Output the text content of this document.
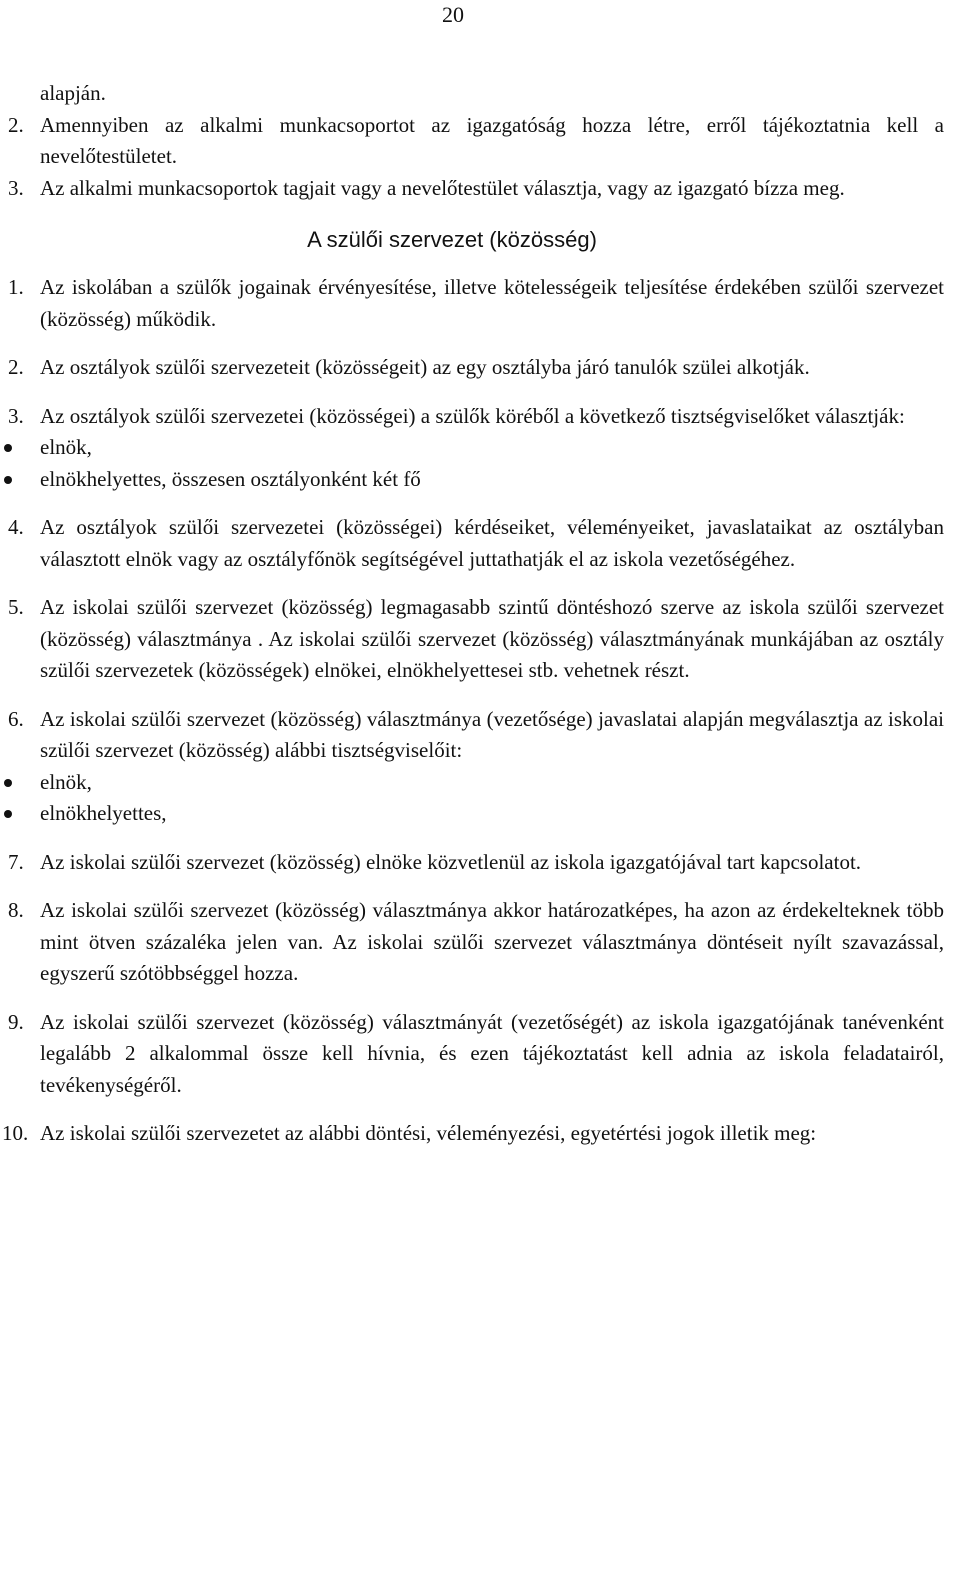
20
alapján.
2. Amennyiben az alkalmi munkacsoportot az igazgatóság hozza létre, erről tájékoztatnia kell a nevelőtestületet.
3. Az alkalmi munkacsoportok tagjait vagy a nevelőtestület választja, vagy az igazgató bízza meg.
A szülői szervezet (közösség)
1. Az iskolában a szülők jogainak érvényesítése, illetve kötelességeik teljesítése érdekében szülői szervezet (közösség) működik.
2. Az osztályok szülői szervezeteit (közösségeit) az egy osztályba járó tanulók szülei alkotják.
3. Az osztályok szülői szervezetei (közösségei) a szülők köréből a következő tisztségviselőket választják:
elnök,
elnökhelyettes, összesen osztályonként két fő
4. Az osztályok szülői szervezetei (közösségei) kérdéseiket, véleményeiket, javaslataikat az osztályban választott elnök vagy az osztályfőnök segítségével juttathatják el az iskola vezetőségéhez.
5. Az iskolai szülői szervezet (közösség) legmagasabb szintű döntéshozó szerve az iskola szülői szervezet (közösség) választmánya . Az iskolai szülői szervezet (közösség) választmányának munkájában az osztály szülői szervezetek (közösségek) elnökei, elnökhelyettesei stb. vehetnek részt.
6. Az iskolai szülői szervezet (közösség) választmánya (vezetősége) javaslatai alapján megválasztja az iskolai szülői szervezet (közösség) alábbi tisztségviselőit:
elnök,
elnökhelyettes,
7. Az iskolai szülői szervezet (közösség) elnöke közvetlenül az iskola igazgatójával tart kapcsolatot.
8. Az iskolai szülői szervezet (közösség) választmánya akkor határozatképes, ha azon az érdekelteknek több mint ötven százaléka jelen van. Az iskolai szülői szervezet választmánya döntéseit nyílt szavazással, egyszerű szótöbbséggel hozza.
9. Az iskolai szülői szervezet (közösség) választmányát (vezetőségét) az iskola igazgatójának tanévenként legalább 2 alkalommal össze kell hívnia, és ezen tájékoztatást kell adnia az iskola feladatairól, tevékenységéről.
10. Az iskolai szülői szervezetet az alábbi döntési, véleményezési, egyetértési jogok illetik meg:
